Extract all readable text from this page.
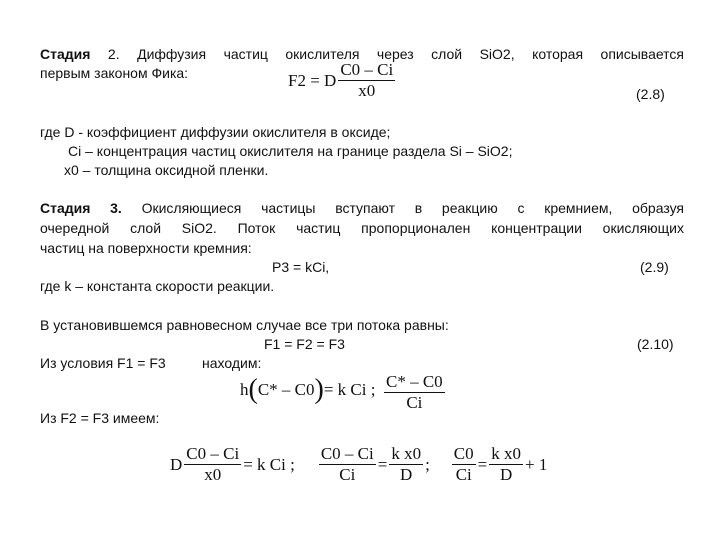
Стадия 2. Диффузия частиц окислителя через слой SiO2, которая описывается
первым законом Фика:	F2 = D $\frac{C0 - Ci}{x0}$	(2.8)
где D - коэффициент диффузии окислителя в оксиде;
Ci – концентрация частиц окислителя на границе раздела Si – SiO2;
x0 – толщина оксидной пленки.
Стадия 3. Окисляющиеся частицы вступают в реакцию с кремнием, образуя
очередной слой SiO2. Поток частиц пропорционален концентрации окисляющих
частиц на поверхности кремния:
P3 = kCi,	(2.9)
где k – константа скорости реакции.
В установившемся равновесном случае все три потока равны:
F1 = F2 = F3	(2.10)
Из условия F1 = F3	находим:
h ( C* – C0 ) = k Ci ; $\frac{C* - C0}{Ci}$
Из F2 = F3 имеем:
D $\frac{C0 - Ci}{x0} = k$ Ci ; $\frac{C0 - Ci}{Ci} = \frac{\text{k x0}}{D}$ ; $\frac{C0}{Ci} = \frac{\text{k x0}}{D} + 1$
